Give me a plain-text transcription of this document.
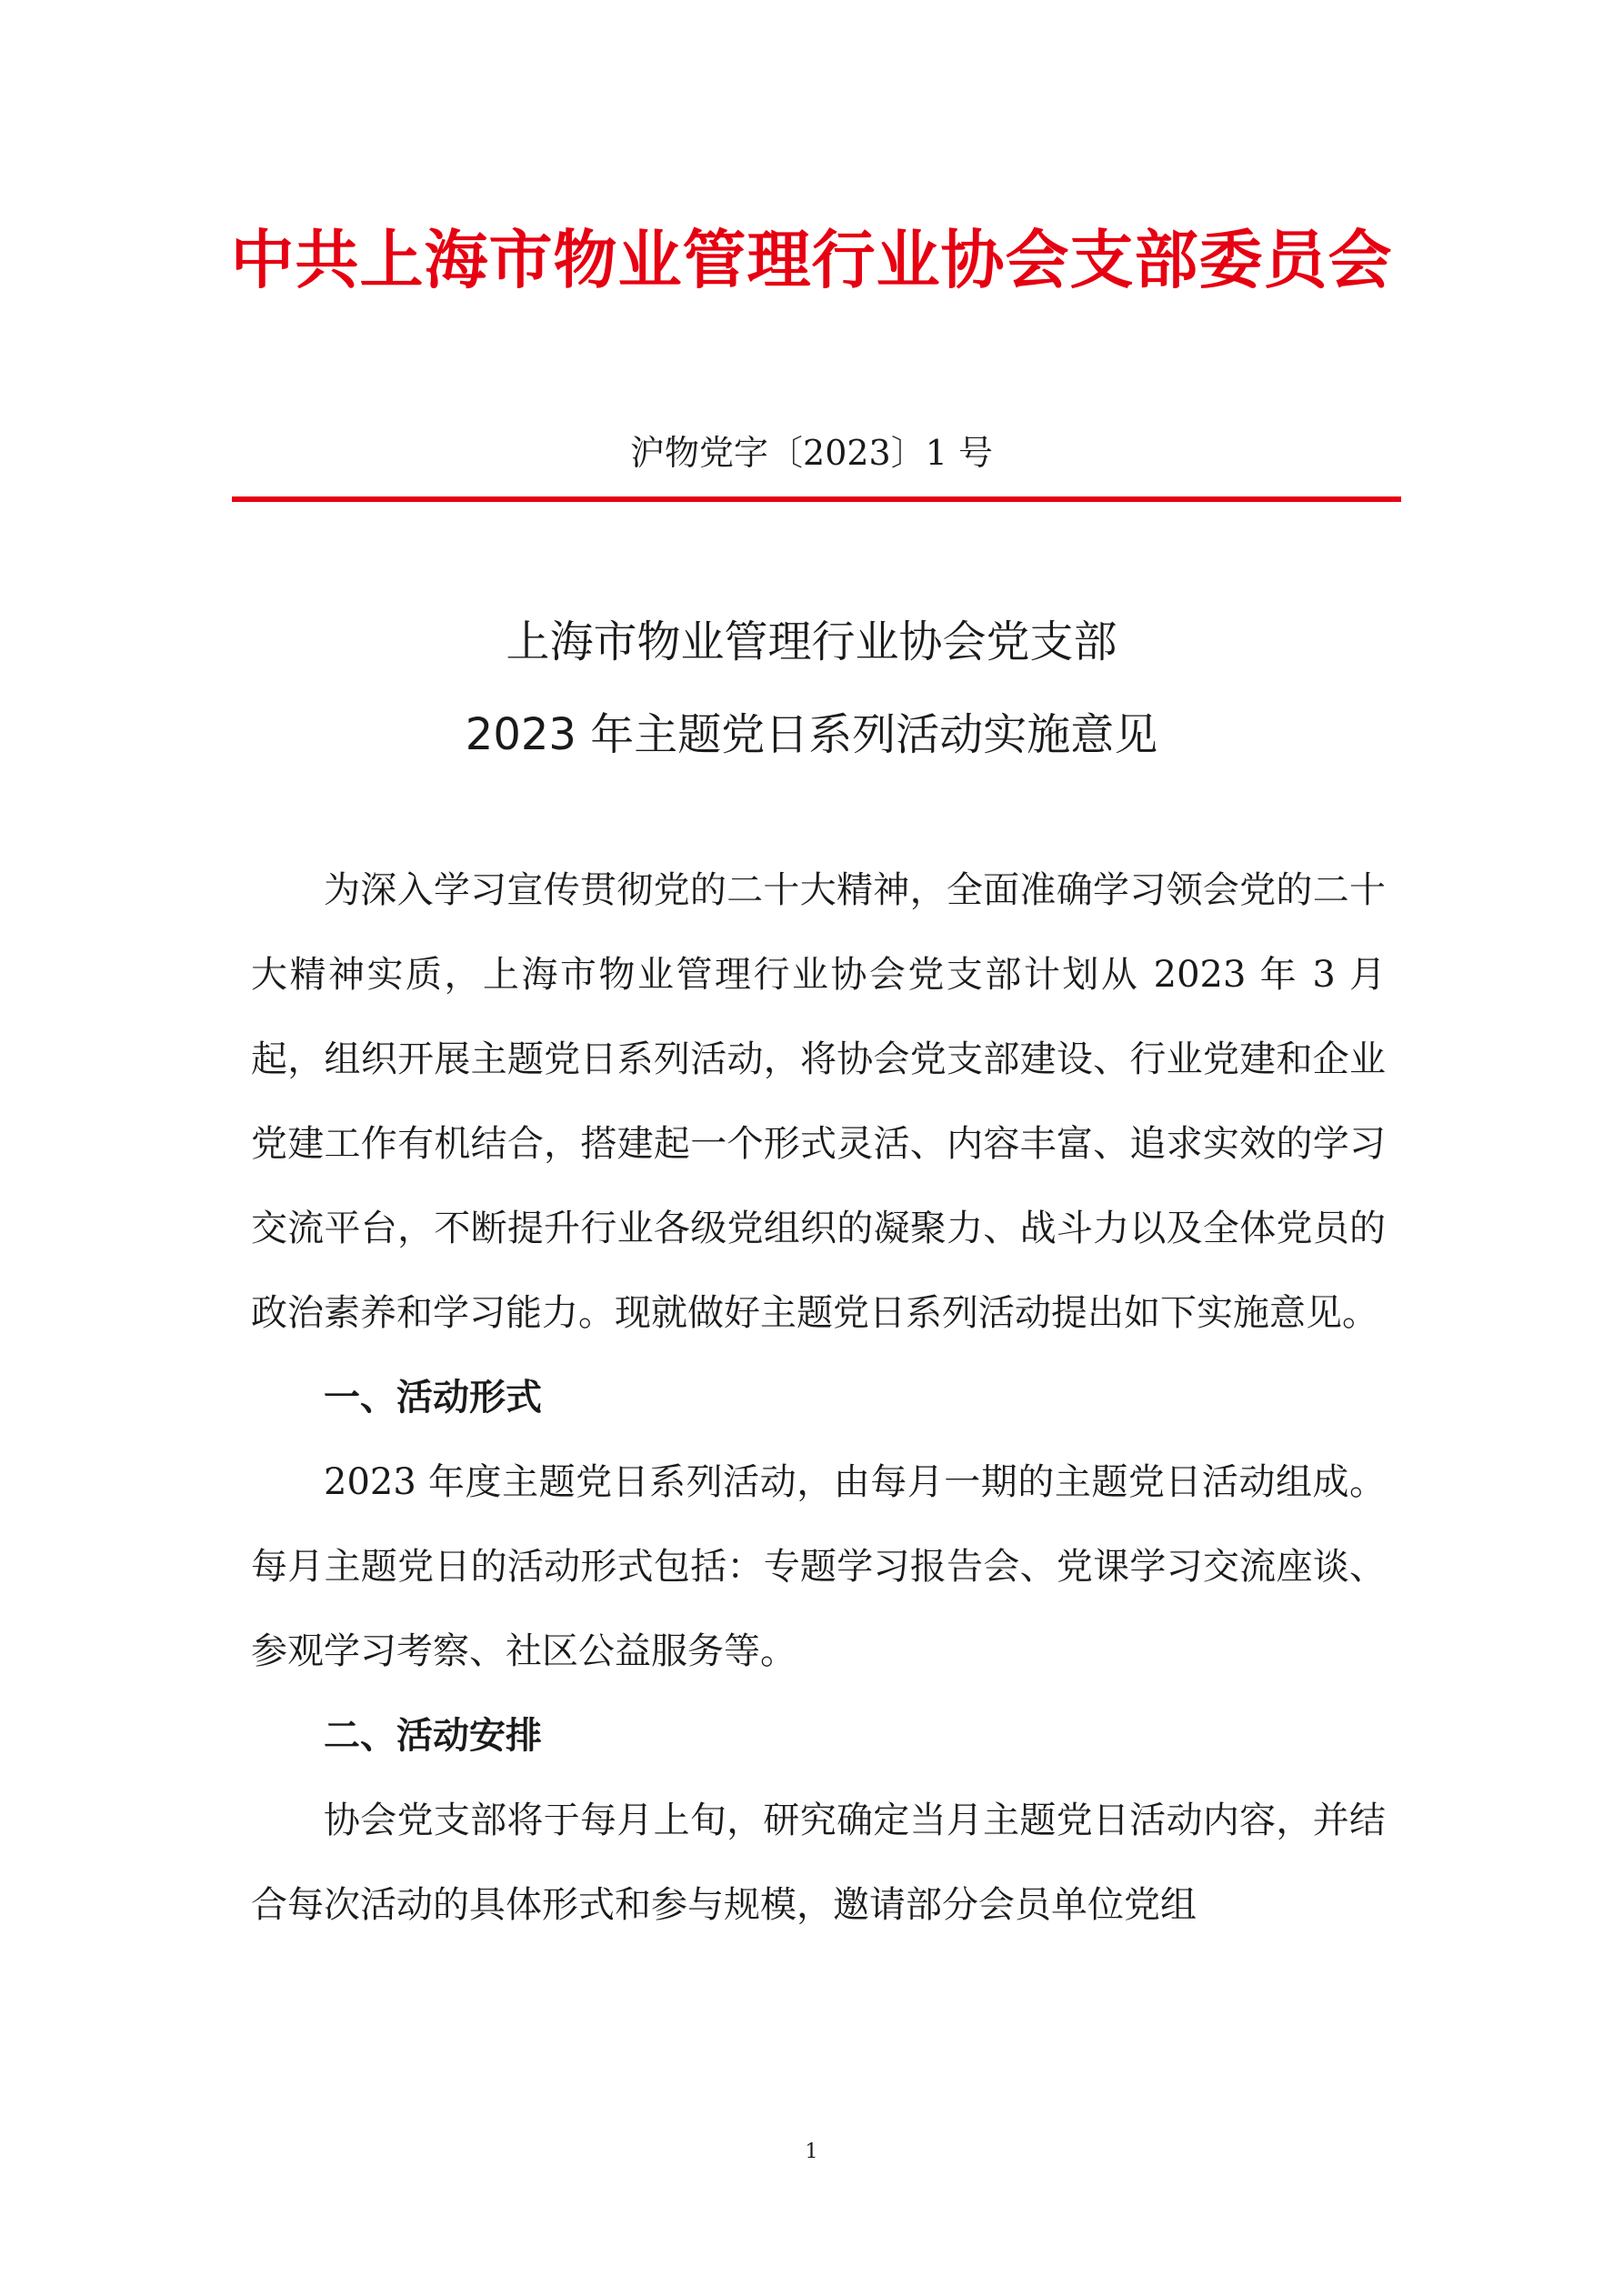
中共上海市物业管理行业协会支部委员会
沪物党字〔2023〕1 号
上海市物业管理行业协会党支部
2023 年主题党日系列活动实施意见

为深入学习宣传贯彻党的二十大精神，全面准确学习领会党的二十大精神实质，上海市物业管理行业协会党支部计划从 2023 年 3 月起，组织开展主题党日系列活动，将协会党支部建设、行业党建和企业党建工作有机结合，搭建起一个形式灵活、内容丰富、追求实效的学习交流平台，不断提升行业各级党组织的凝聚力、战斗力以及全体党员的政治素养和学习能力。现就做好主题党日系列活动提出如下实施意见。

一、活动形式

2023 年度主题党日系列活动，由每月一期的主题党日活动组成。每月主题党日的活动形式包括：专题学习报告会、党课学习交流座谈、参观学习考察、社区公益服务等。

二、活动安排

协会党支部将于每月上旬，研究确定当月主题党日活动内容，并结合每次活动的具体形式和参与规模，邀请部分会员单位党组

1
